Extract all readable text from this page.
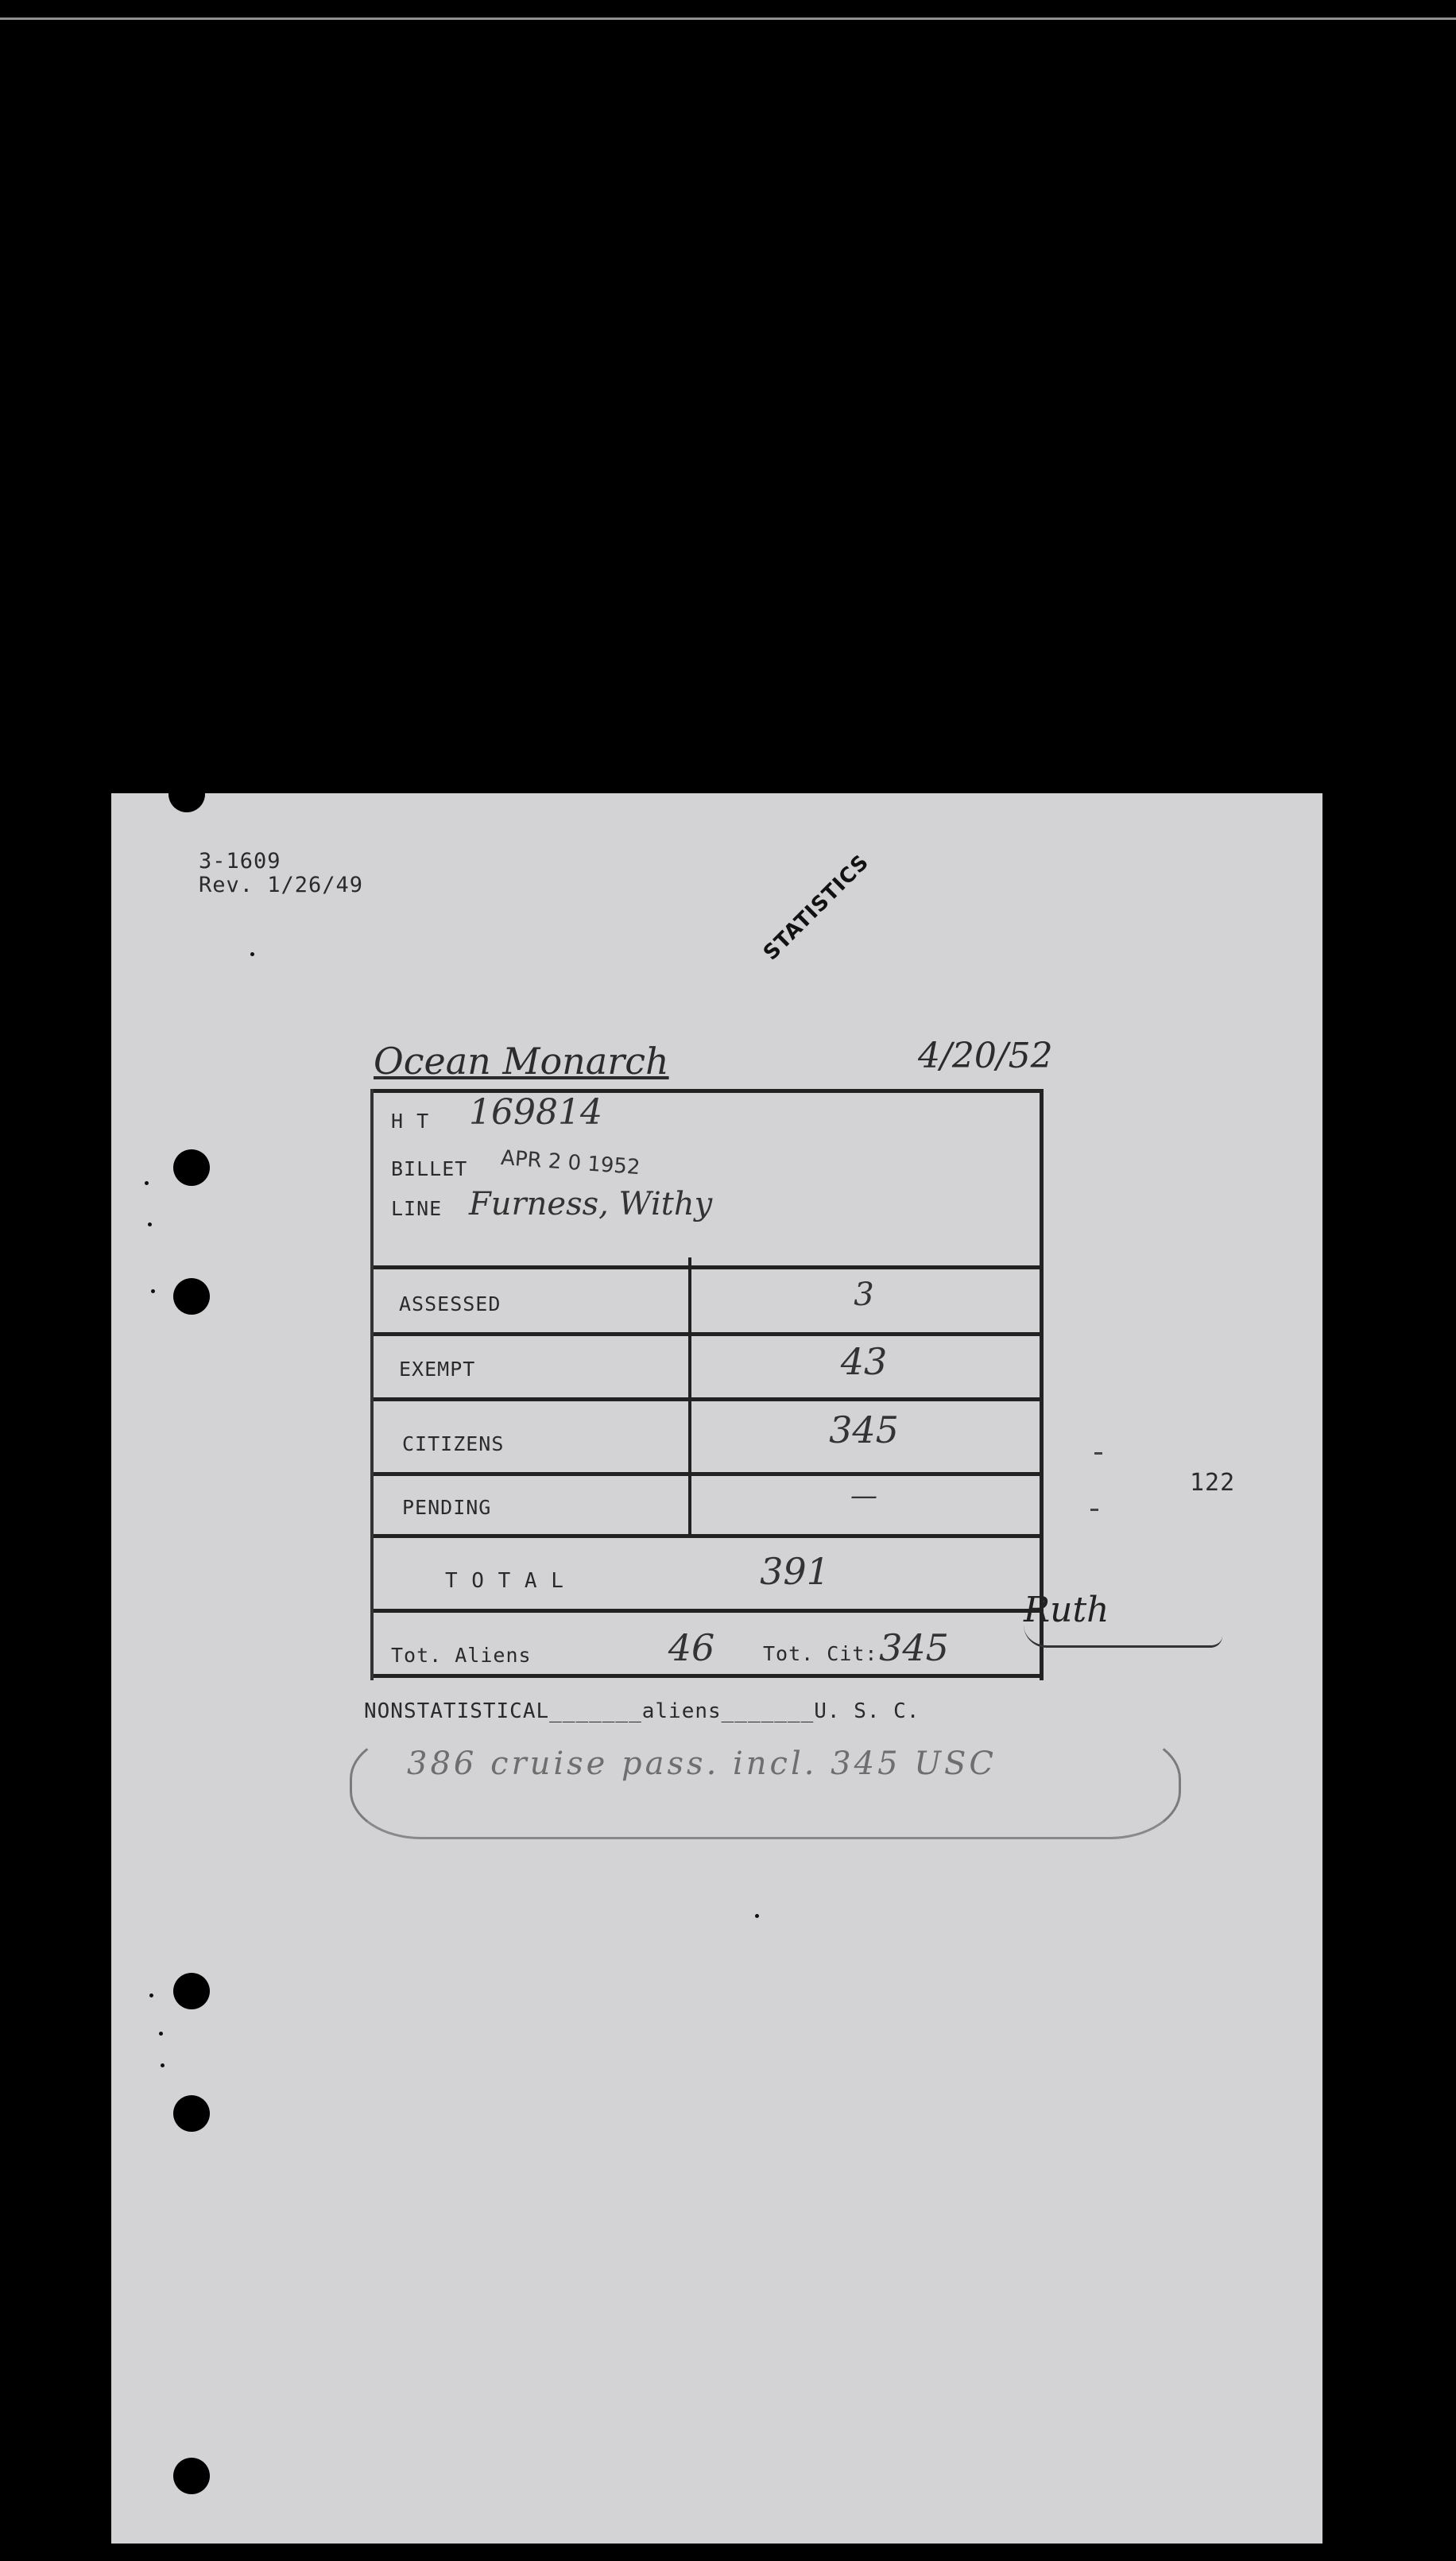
3-1609
Rev. 1/26/49	STATISTICS
Ocean Monarch	4/20/52
H T 169814
BILLET APR 2 0 1952
LINE Furness, Withy
ASSESSED	3
EXEMPT	43
CITIZENS	345
PENDING	—
T O T A L	391
Tot. Aliens	46	Tot. Cit: 345
Ruth
122
NONSTATISTICAL_______aliens_______U. S. C.
386 cruise pass. incl. 345 USC
